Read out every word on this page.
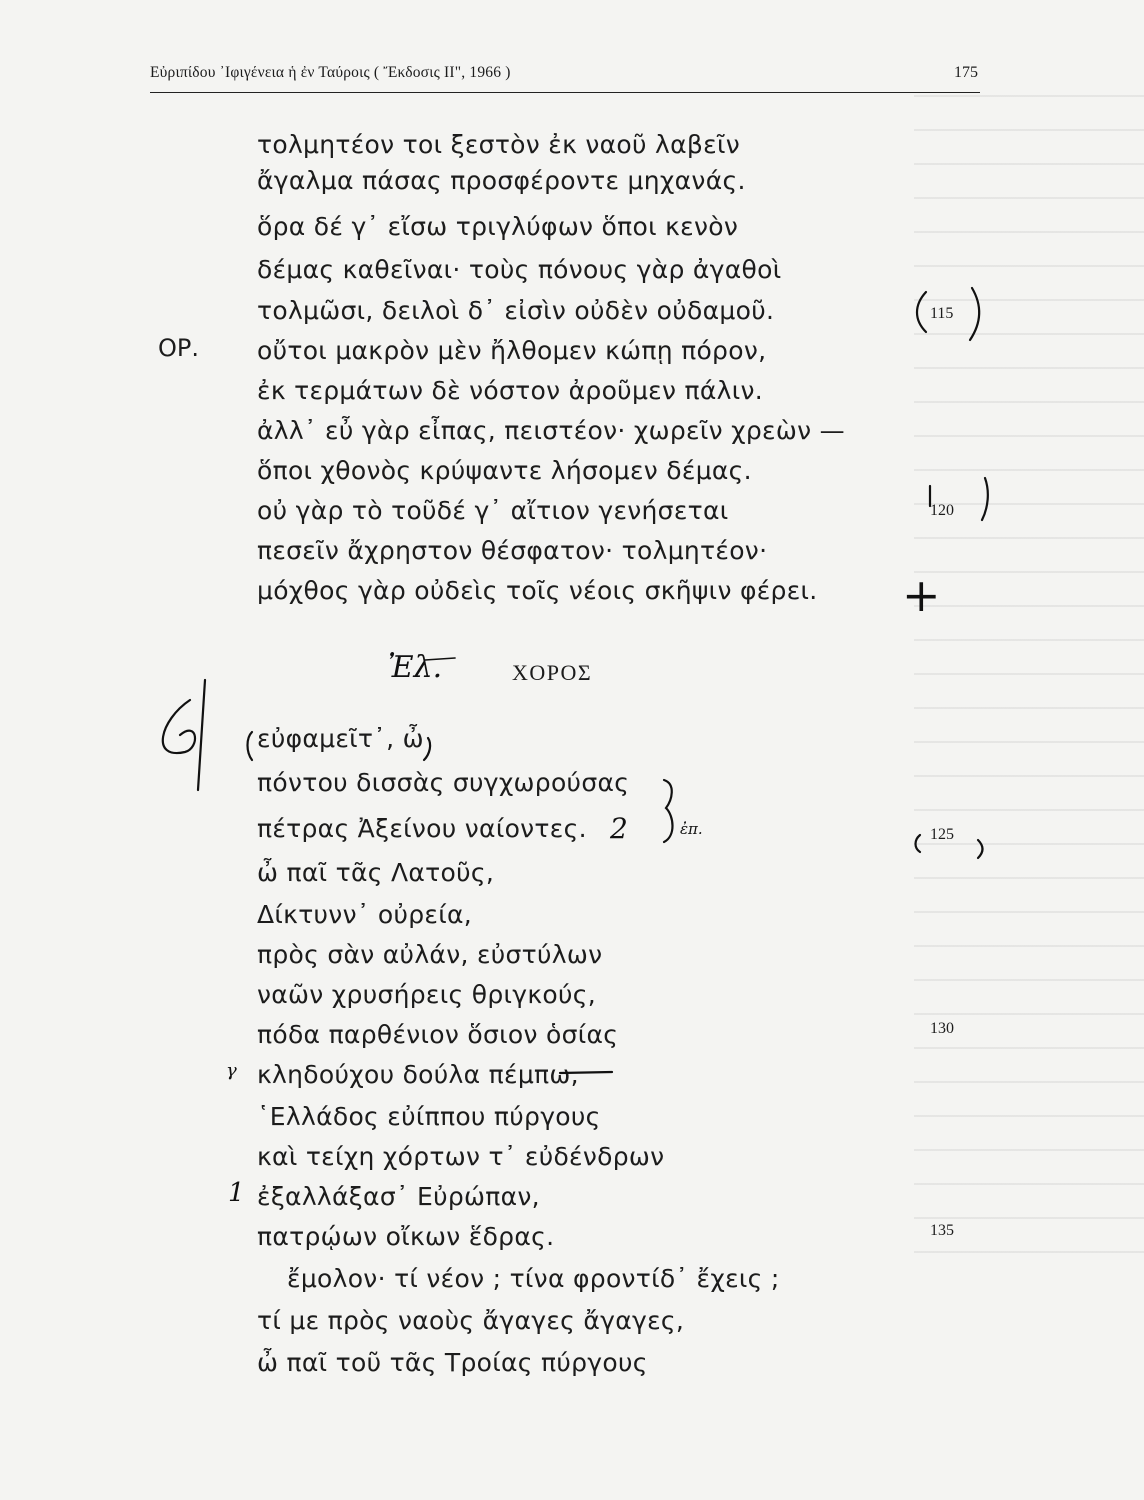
Εὐριπίδου ᾿Ιφιγένεια ἡ ἐν Ταύροις ( Ἔκδοσις ΙΙ", 1966 )	175
τολμητέον τοι ξεστὸν ἐκ ναοῦ λαβεῖν
ἄγαλμα πάσας προσφέροντε μηχανάς.
ὅρα δέ γ᾿ εἴσω τριγλύφων ὅποι κενὸν
δέμας καθεῖναι· τοὺς πόνους γὰρ ἀγαθοὶ
τολμῶσι, δειλοὶ δ᾿ εἰσὶν οὐδὲν οὐδαμοῦ.
ΟΡ. οὔτοι μακρὸν μὲν ἤλθομεν κώπῃ πόρον,
ἐκ τερμάτων δὲ νόστον ἀροῦμεν πάλιν.
ἀλλ᾿ εὖ γὰρ εἶπας, πειστέον· χωρεῖν χρεὼν —
ὅποι χθονὸς κρύψαντε λήσομεν δέμας.
οὐ γὰρ τὸ τοῦδέ γ᾿ αἴτιον γενήσεται
πεσεῖν ἄχρηστον θέσφατον· τολμητέον·
μόχθος γὰρ οὐδεὶς τοῖς νέοις σκῆψιν φέρει.
115
120
125
130
135
ΧΟΡΟΣ
εὐφαμεῖτ᾿, ὦ
πόντου δισσὰς συγχωρούσας
πέτρας Ἀξείνου ναίοντες.
ὦ παῖ τᾶς Λατοῦς,
Δίκτυνν᾿ οὐρεία,
πρὸς σὰν αὐλάν, εὐστύλων
ναῶν χρυσήρεις θριγκούς,
πόδα παρθένιον ὅσιον ὁσίας
κληδούχου δούλα πέμπω,
῾Ελλάδος εὐίππου πύργους
καὶ τείχη χόρτων τ᾿ εὐδένδρων
ἐξαλλάξασ᾿ Εὐρώπαν,
πατρῴων οἴκων ἕδρας.
ἔμολον· τί νέον ; τίνα φροντίδ᾿ ἔχεις ;
τί με πρὸς ναοὺς ἄγαγες ἄγαγες,
ὦ παῖ τοῦ τᾶς Τροίας πύργους
Ἐλ.
ἐπ.
2
1
γ
+
